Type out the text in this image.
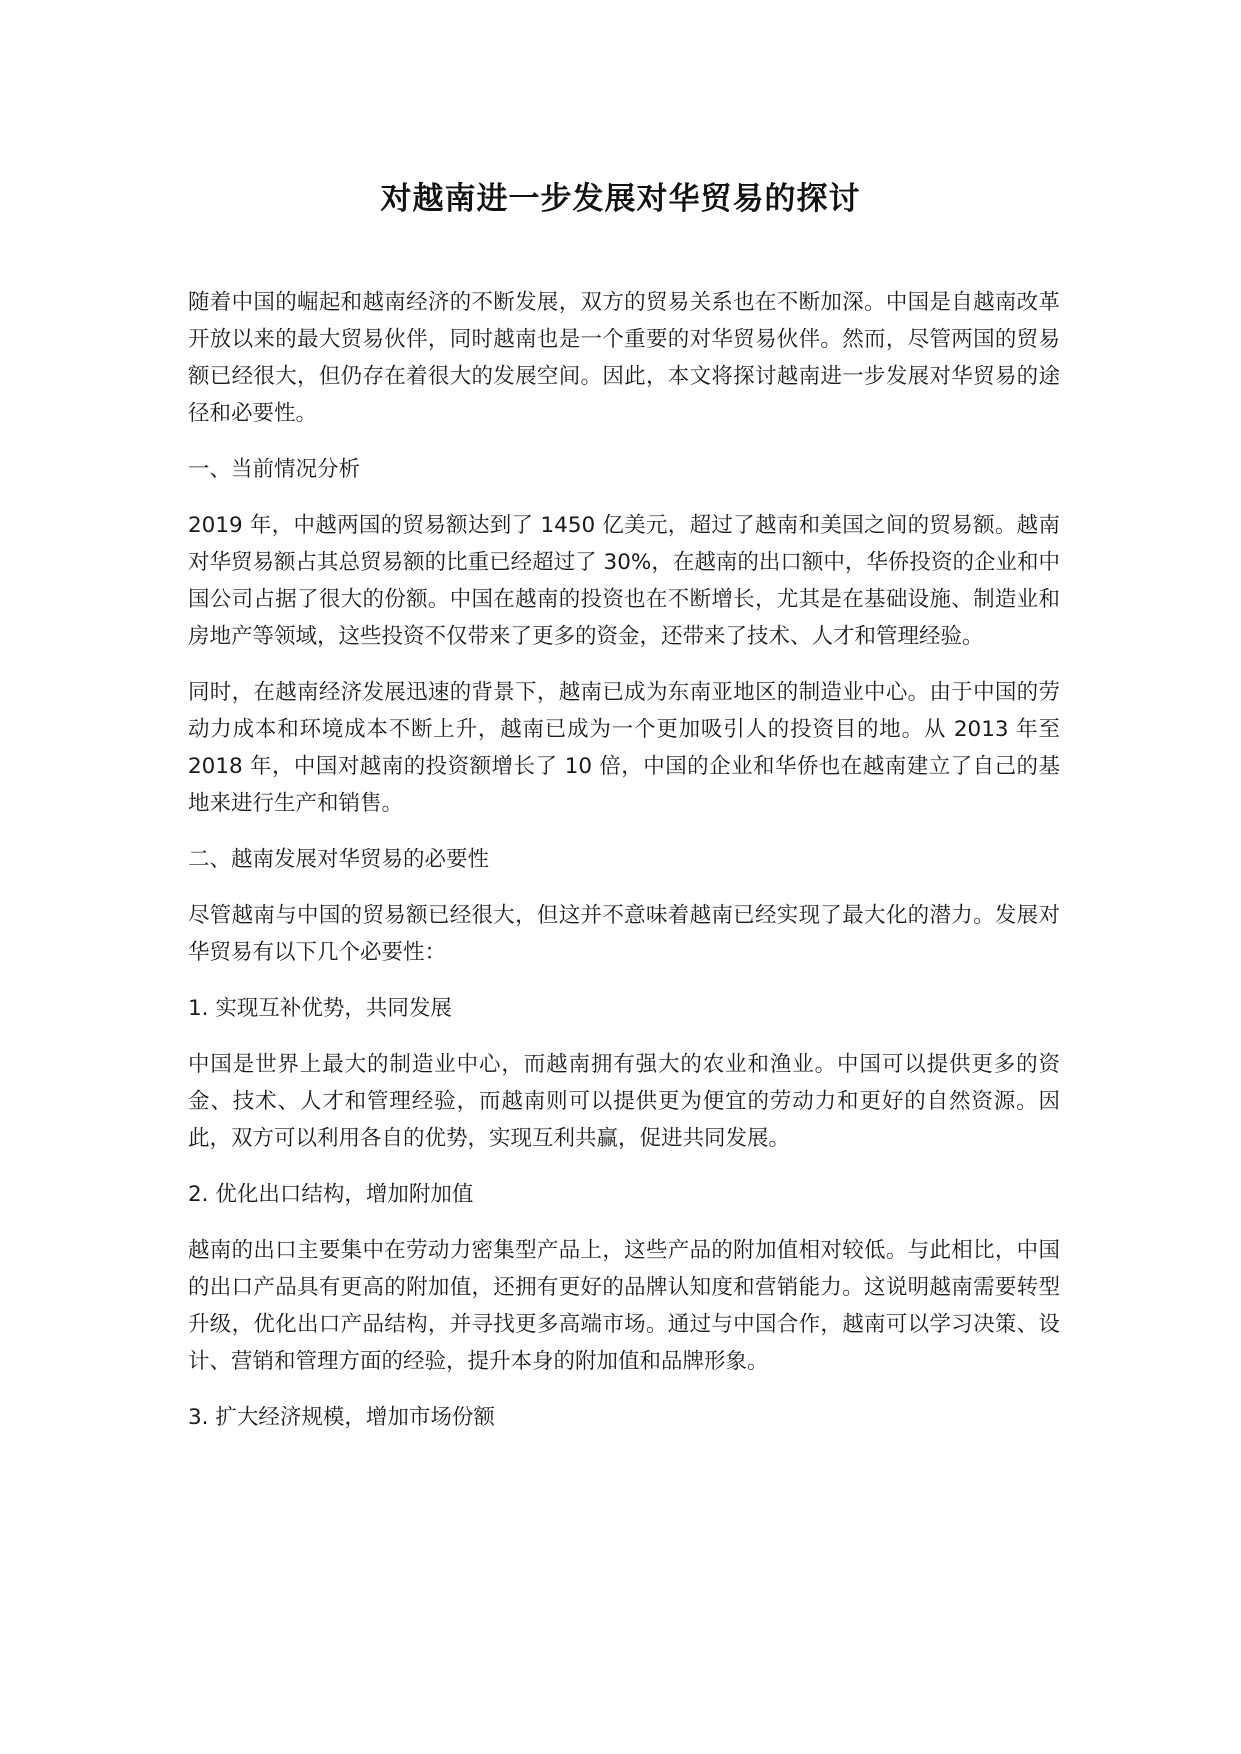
对越南进一步发展对华贸易的探讨

随着中国的崛起和越南经济的不断发展，双方的贸易关系也在不断加深。中国是自越南改革开放以来的最大贸易伙伴，同时越南也是一个重要的对华贸易伙伴。然而，尽管两国的贸易额已经很大，但仍存在着很大的发展空间。因此，本文将探讨越南进一步发展对华贸易的途径和必要性。

一、当前情况分析

2019 年，中越两国的贸易额达到了 1450 亿美元，超过了越南和美国之间的贸易额。越南对华贸易额占其总贸易额的比重已经超过了 30%，在越南的出口额中，华侨投资的企业和中国公司占据了很大的份额。中国在越南的投资也在不断增长，尤其是在基础设施、制造业和房地产等领域，这些投资不仅带来了更多的资金，还带来了技术、人才和管理经验。

同时，在越南经济发展迅速的背景下，越南已成为东南亚地区的制造业中心。由于中国的劳动力成本和环境成本不断上升，越南已成为一个更加吸引人的投资目的地。从 2013 年至 2018 年，中国对越南的投资额增长了 10 倍，中国的企业和华侨也在越南建立了自己的基地来进行生产和销售。

二、越南发展对华贸易的必要性

尽管越南与中国的贸易额已经很大，但这并不意味着越南已经实现了最大化的潜力。发展对华贸易有以下几个必要性：

1. 实现互补优势，共同发展

中国是世界上最大的制造业中心，而越南拥有强大的农业和渔业。中国可以提供更多的资金、技术、人才和管理经验，而越南则可以提供更为便宜的劳动力和更好的自然资源。因此，双方可以利用各自的优势，实现互利共赢，促进共同发展。

2. 优化出口结构，增加附加值

越南的出口主要集中在劳动力密集型产品上，这些产品的附加值相对较低。与此相比，中国的出口产品具有更高的附加值，还拥有更好的品牌认知度和营销能力。这说明越南需要转型升级，优化出口产品结构，并寻找更多高端市场。通过与中国合作，越南可以学习决策、设计、营销和管理方面的经验，提升本身的附加值和品牌形象。

3. 扩大经济规模，增加市场份额
